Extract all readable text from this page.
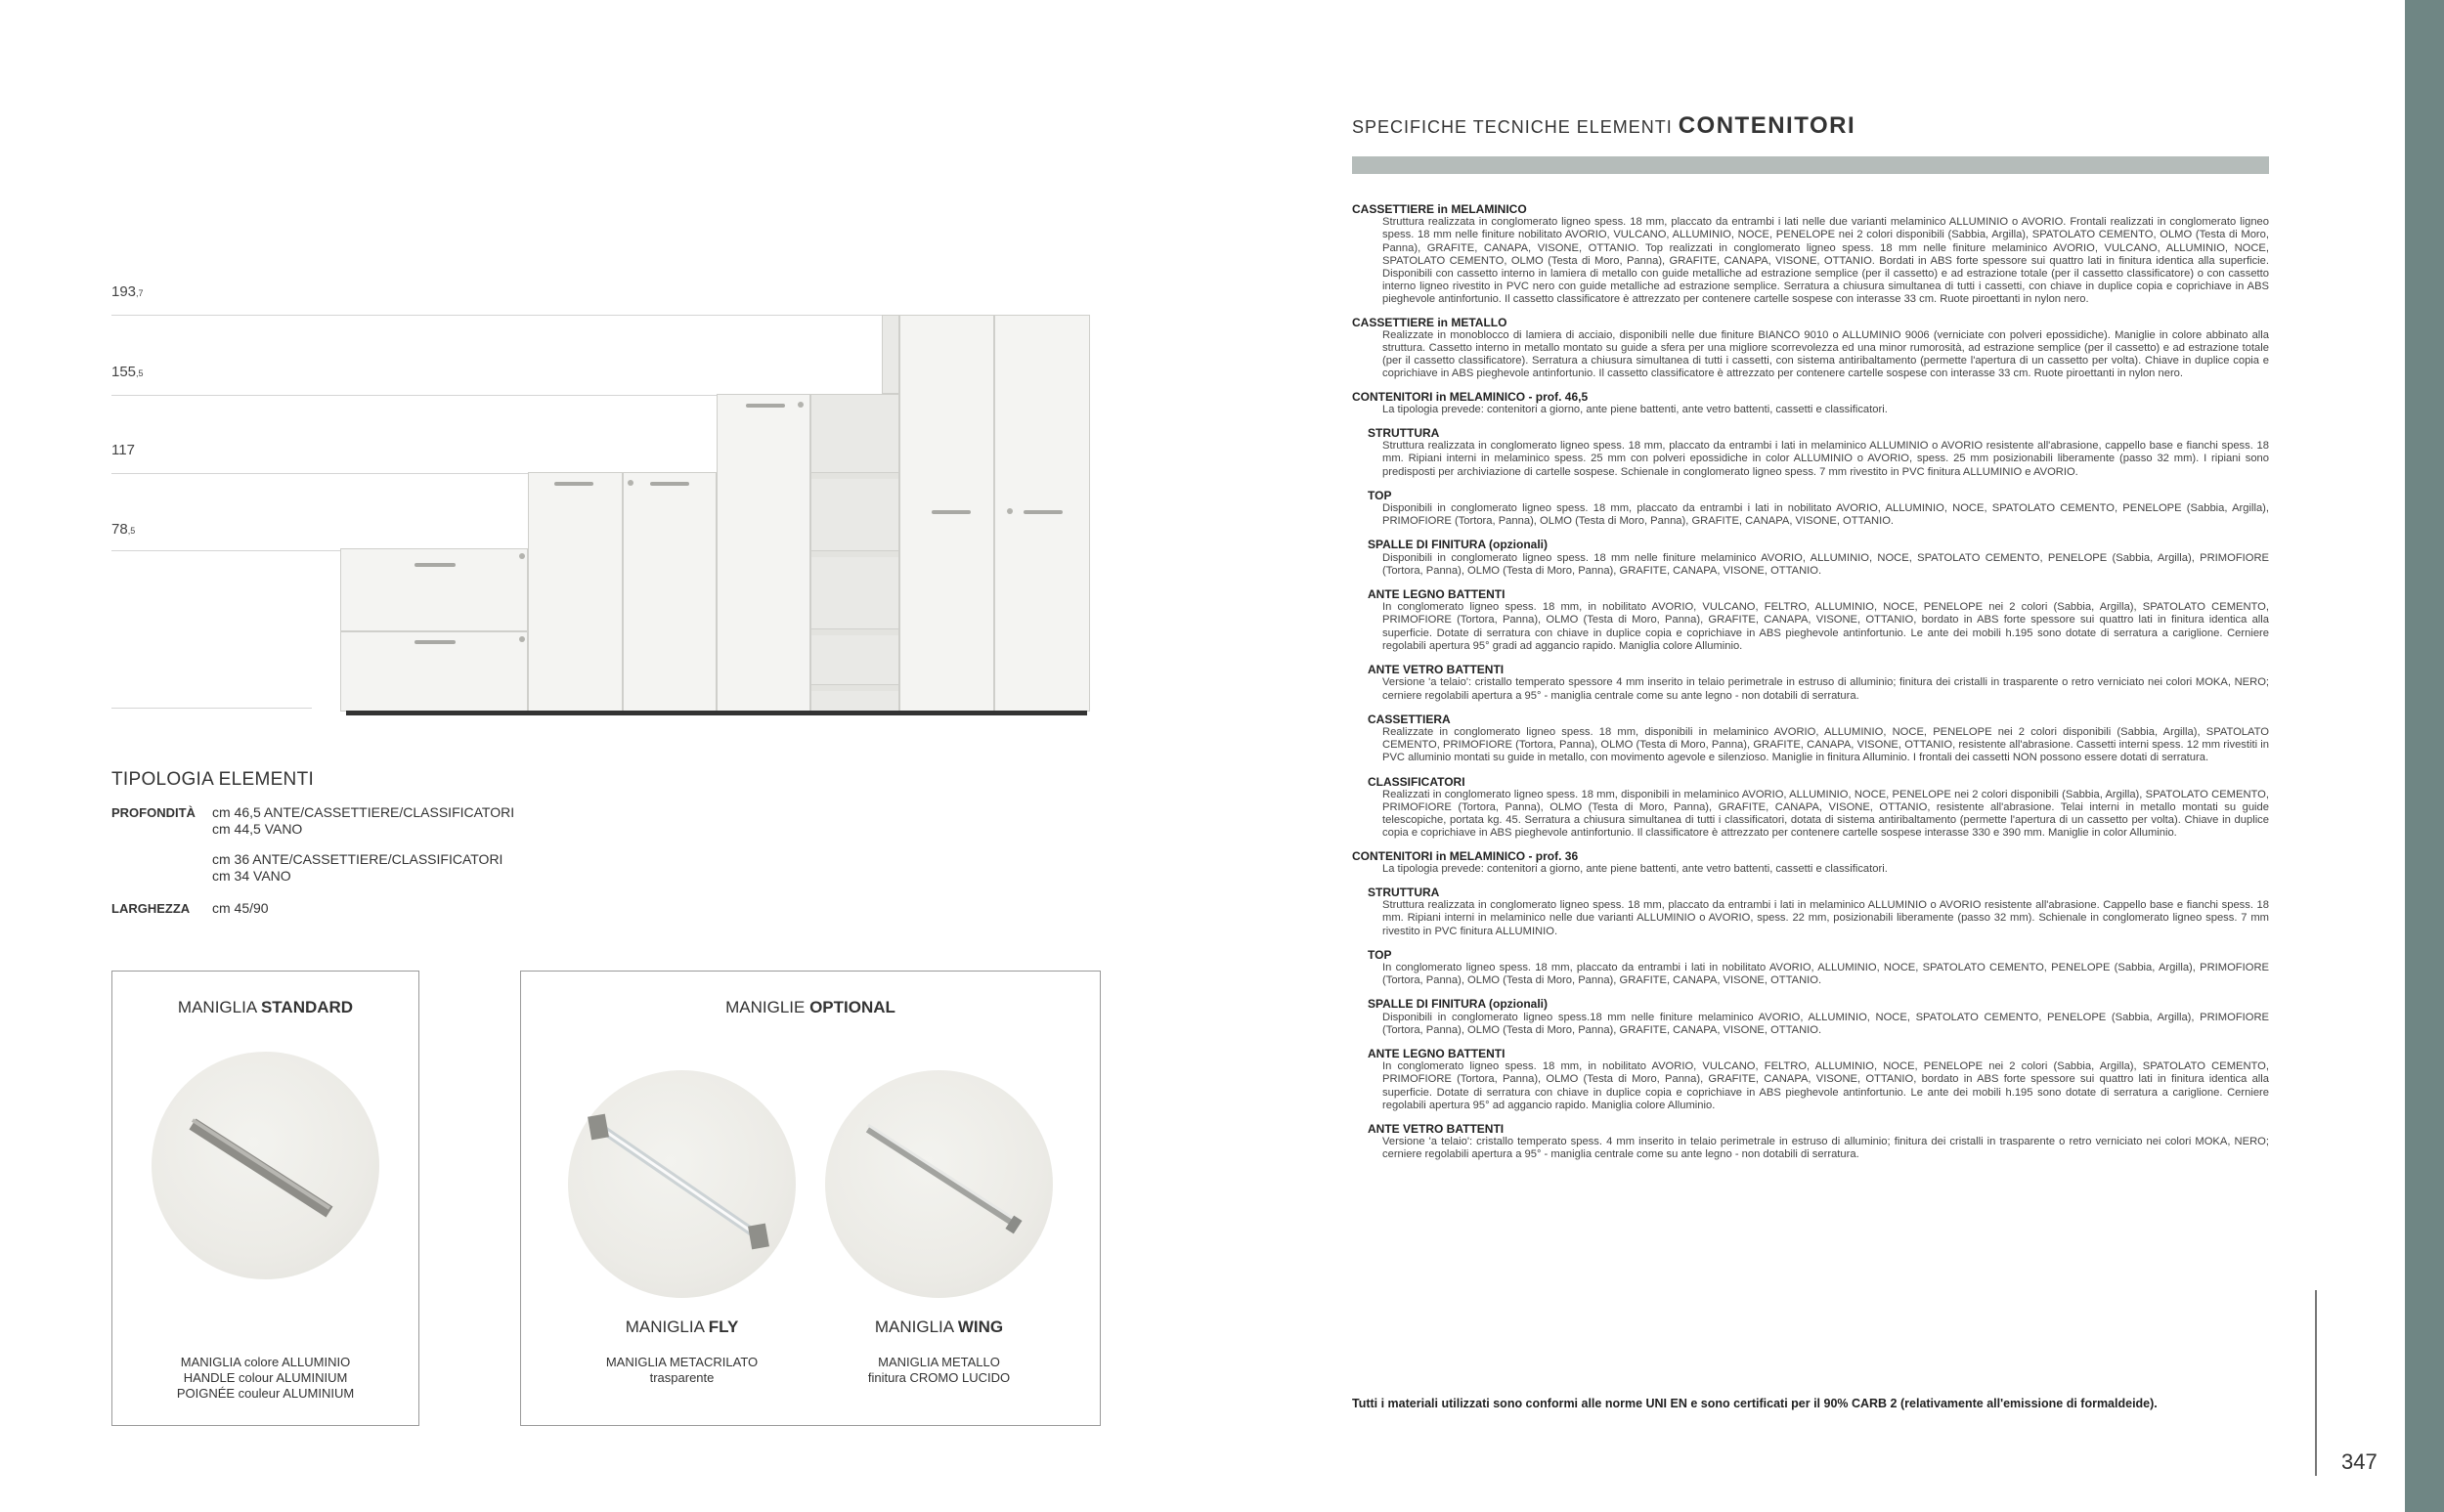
347
193,7
155,5
117
78,5
TIPOLOGIA ELEMENTI
PROFONDITÀ cm 46,5 ANTE/CASSETTIERE/CLASSIFICATORI
cm 44,5 VANO
cm 36 ANTE/CASSETTIERE/CLASSIFICATORI
cm 34 VANO
LARGHEZZA cm 45/90
MANIGLIA STANDARD
MANIGLIA colore ALLUMINIO
HANDLE colour ALUMINIUM
POIGNÉE couleur ALUMINIUM
MANIGLIE OPTIONAL
MANIGLIA FLY
MANIGLIA METACRILATO
trasparente
MANIGLIA WING
MANIGLIA METALLO
finitura CROMO LUCIDO
SPECIFICHE TECNICHE ELEMENTI CONTENITORI
CASSETTIERE in MELAMINICO
Struttura realizzata in conglomerato ligneo spess. 18 mm, placcato da entrambi i lati nelle due varianti melaminico ALLUMINIO o AVORIO. Frontali realizzati in conglomerato ligneo spess. 18 mm nelle finiture nobilitato AVORIO, VULCANO, ALLUMINIO, NOCE, PENELOPE nei 2 colori disponibili (Sabbia, Argilla), SPATOLATO CEMENTO, OLMO (Testa di Moro, Panna), GRAFITE, CANAPA, VISONE, OTTANIO. Top realizzati in conglomerato ligneo spess. 18 mm nelle finiture melaminico AVORIO, VULCANO, ALLUMINIO, NOCE, SPATOLATO CEMENTO, OLMO (Testa di Moro, Panna), GRAFITE, CANAPA, VISONE, OTTANIO. Bordati in ABS forte spessore sui quattro lati in finitura identica alla superficie. Disponibili con cassetto interno in lamiera di metallo con guide metalliche ad estrazione semplice (per il cassetto) e ad estrazione totale (per il cassetto classificatore) o con cassetto interno ligneo rivestito in PVC nero con guide metalliche ad estrazione semplice. Serratura a chiusura simultanea di tutti i cassetti, con chiave in duplice copia e coprichiave in ABS pieghevole antinfortunio. Il cassetto classificatore è attrezzato per contenere cartelle sospese con interasse 33 cm. Ruote piroettanti in nylon nero.
CASSETTIERE in METALLO
Realizzate in monoblocco di lamiera di acciaio, disponibili nelle due finiture BIANCO 9010 o ALLUMINIO 9006 (verniciate con polveri epossidiche). Maniglie in colore abbinato alla struttura. Cassetto interno in metallo montato su guide a sfera per una migliore scorrevolezza ed una minor rumorosità, ad estrazione semplice (per il cassetto) e ad estrazione totale (per il cassetto classificatore). Serratura a chiusura simultanea di tutti i cassetti, con sistema antiribaltamento (permette l'apertura di un cassetto per volta). Chiave in duplice copia e coprichiave in ABS pieghevole antinfortunio. Il cassetto classificatore è attrezzato per contenere cartelle sospese con interasse 33 cm. Ruote piroettanti in nylon nero.
CONTENITORI in MELAMINICO - prof. 46,5
La tipologia prevede: contenitori a giorno, ante piene battenti, ante vetro battenti, cassetti e classificatori.
STRUTTURA
Struttura realizzata in conglomerato ligneo spess. 18 mm, placcato da entrambi i lati in melaminico ALLUMINIO o AVORIO resistente all'abrasione, cappello base e fianchi spess. 18 mm. Ripiani interni in melaminico spess. 25 mm con polveri epossidiche in color ALLUMINIO o AVORIO, spess. 25 mm posizionabili liberamente (passo 32 mm). I ripiani sono predisposti per archiviazione di cartelle sospese. Schienale in conglomerato ligneo spess. 7 mm rivestito in PVC finitura ALLUMINIO e AVORIO.
TOP
Disponibili in conglomerato ligneo spess. 18 mm, placcato da entrambi i lati in nobilitato AVORIO, ALLUMINIO, NOCE, SPATOLATO CEMENTO, PENELOPE (Sabbia, Argilla), PRIMOFIORE (Tortora, Panna), OLMO (Testa di Moro, Panna), GRAFITE, CANAPA, VISONE, OTTANIO.
SPALLE DI FINITURA (opzionali)
Disponibili in conglomerato ligneo spess. 18 mm nelle finiture melaminico AVORIO, ALLUMINIO, NOCE, SPATOLATO CEMENTO, PENELOPE (Sabbia, Argilla), PRIMOFIORE (Tortora, Panna), OLMO (Testa di Moro, Panna), GRAFITE, CANAPA, VISONE, OTTANIO.
ANTE LEGNO BATTENTI
In conglomerato ligneo spess. 18 mm, in nobilitato AVORIO, VULCANO, FELTRO, ALLUMINIO, NOCE, PENELOPE nei 2 colori (Sabbia, Argilla), SPATOLATO CEMENTO, PRIMOFIORE (Tortora, Panna), OLMO (Testa di Moro, Panna), GRAFITE, CANAPA, VISONE, OTTANIO, bordato in ABS forte spessore sui quattro lati in finitura identica alla superficie. Dotate di serratura con chiave in duplice copia e coprichiave in ABS pieghevole antinfortunio. Le ante dei mobili h.195 sono dotate di serratura a cariglione. Cerniere regolabili apertura 95° gradi ad aggancio rapido. Maniglia colore Alluminio.
ANTE VETRO BATTENTI
Versione 'a telaio': cristallo temperato spessore 4 mm inserito in telaio perimetrale in estruso di alluminio; finitura dei cristalli in trasparente o retro verniciato nei colori MOKA, NERO; cerniere regolabili apertura a 95° - maniglia centrale come su ante legno - non dotabili di serratura.
CASSETTIERA
Realizzate in conglomerato ligneo spess. 18 mm, disponibili in melaminico AVORIO, ALLUMINIO, NOCE, PENELOPE nei 2 colori disponibili (Sabbia, Argilla), SPATOLATO CEMENTO, PRIMOFIORE (Tortora, Panna), OLMO (Testa di Moro, Panna), GRAFITE, CANAPA, VISONE, OTTANIO, resistente all'abrasione. Cassetti interni spess. 12 mm rivestiti in PVC alluminio montati su guide in metallo, con movimento agevole e silenzioso. Maniglie in finitura Alluminio. I frontali dei cassetti NON possono essere dotati di serratura.
CLASSIFICATORI
Realizzati in conglomerato ligneo spess. 18 mm, disponibili in melaminico AVORIO, ALLUMINIO, NOCE, PENELOPE nei 2 colori disponibili (Sabbia, Argilla), SPATOLATO CEMENTO, PRIMOFIORE (Tortora, Panna), OLMO (Testa di Moro, Panna), GRAFITE, CANAPA, VISONE, OTTANIO, resistente all'abrasione. Telai interni in metallo montati su guide telescopiche, portata kg. 45. Serratura a chiusura simultanea di tutti i classificatori, dotata di sistema antiribaltamento (permette l'apertura di un cassetto per volta). Chiave in duplice copia e coprichiave in ABS pieghevole antinfortunio. Il classificatore è attrezzato per contenere cartelle sospese interasse 330 e 390 mm. Maniglie in color Alluminio.
CONTENITORI in MELAMINICO - prof. 36
La tipologia prevede: contenitori a giorno, ante piene battenti, ante vetro battenti, cassetti e classificatori.
STRUTTURA
Struttura realizzata in conglomerato ligneo spess. 18 mm, placcato da entrambi i lati in melaminico ALLUMINIO o AVORIO resistente all'abrasione. Cappello base e fianchi spess. 18 mm. Ripiani interni in melaminico nelle due varianti ALLUMINIO o AVORIO, spess. 22 mm, posizionabili liberamente (passo 32 mm). Schienale in conglomerato ligneo spess. 7 mm rivestito in PVC finitura ALLUMINIO.
TOP
In conglomerato ligneo spess. 18 mm, placcato da entrambi i lati in nobilitato AVORIO, ALLUMINIO, NOCE, SPATOLATO CEMENTO, PENELOPE (Sabbia, Argilla), PRIMOFIORE (Tortora, Panna), OLMO (Testa di Moro, Panna), GRAFITE, CANAPA, VISONE, OTTANIO.
SPALLE DI FINITURA (opzionali)
Disponibili in conglomerato ligneo spess.18 mm nelle finiture melaminico AVORIO, ALLUMINIO, NOCE, SPATOLATO CEMENTO, PENELOPE (Sabbia, Argilla), PRIMOFIORE (Tortora, Panna), OLMO (Testa di Moro, Panna), GRAFITE, CANAPA, VISONE, OTTANIO.
ANTE LEGNO BATTENTI
In conglomerato ligneo spess. 18 mm, in nobilitato AVORIO, VULCANO, FELTRO, ALLUMINIO, NOCE, PENELOPE nei 2 colori (Sabbia, Argilla), SPATOLATO CEMENTO, PRIMOFIORE (Tortora, Panna), OLMO (Testa di Moro, Panna), GRAFITE, CANAPA, VISONE, OTTANIO, bordato in ABS forte spessore sui quattro lati in finitura identica alla superficie. Dotate di serratura con chiave in duplice copia e coprichiave in ABS pieghevole antinfortunio. Le ante dei mobili h.195 sono dotate di serratura a cariglione. Cerniere regolabili apertura 95° ad aggancio rapido. Maniglia colore Alluminio.
ANTE VETRO BATTENTI
Versione 'a telaio': cristallo temperato spess. 4 mm inserito in telaio perimetrale in estruso di alluminio; finitura dei cristalli in trasparente o retro verniciato nei colori MOKA, NERO; cerniere regolabili apertura a 95° - maniglia centrale come su ante legno - non dotabili di serratura.
Tutti i materiali utilizzati sono conformi alle norme UNI EN e sono certificati per il 90% CARB 2 (relativamente all'emissione di formaldeide).
